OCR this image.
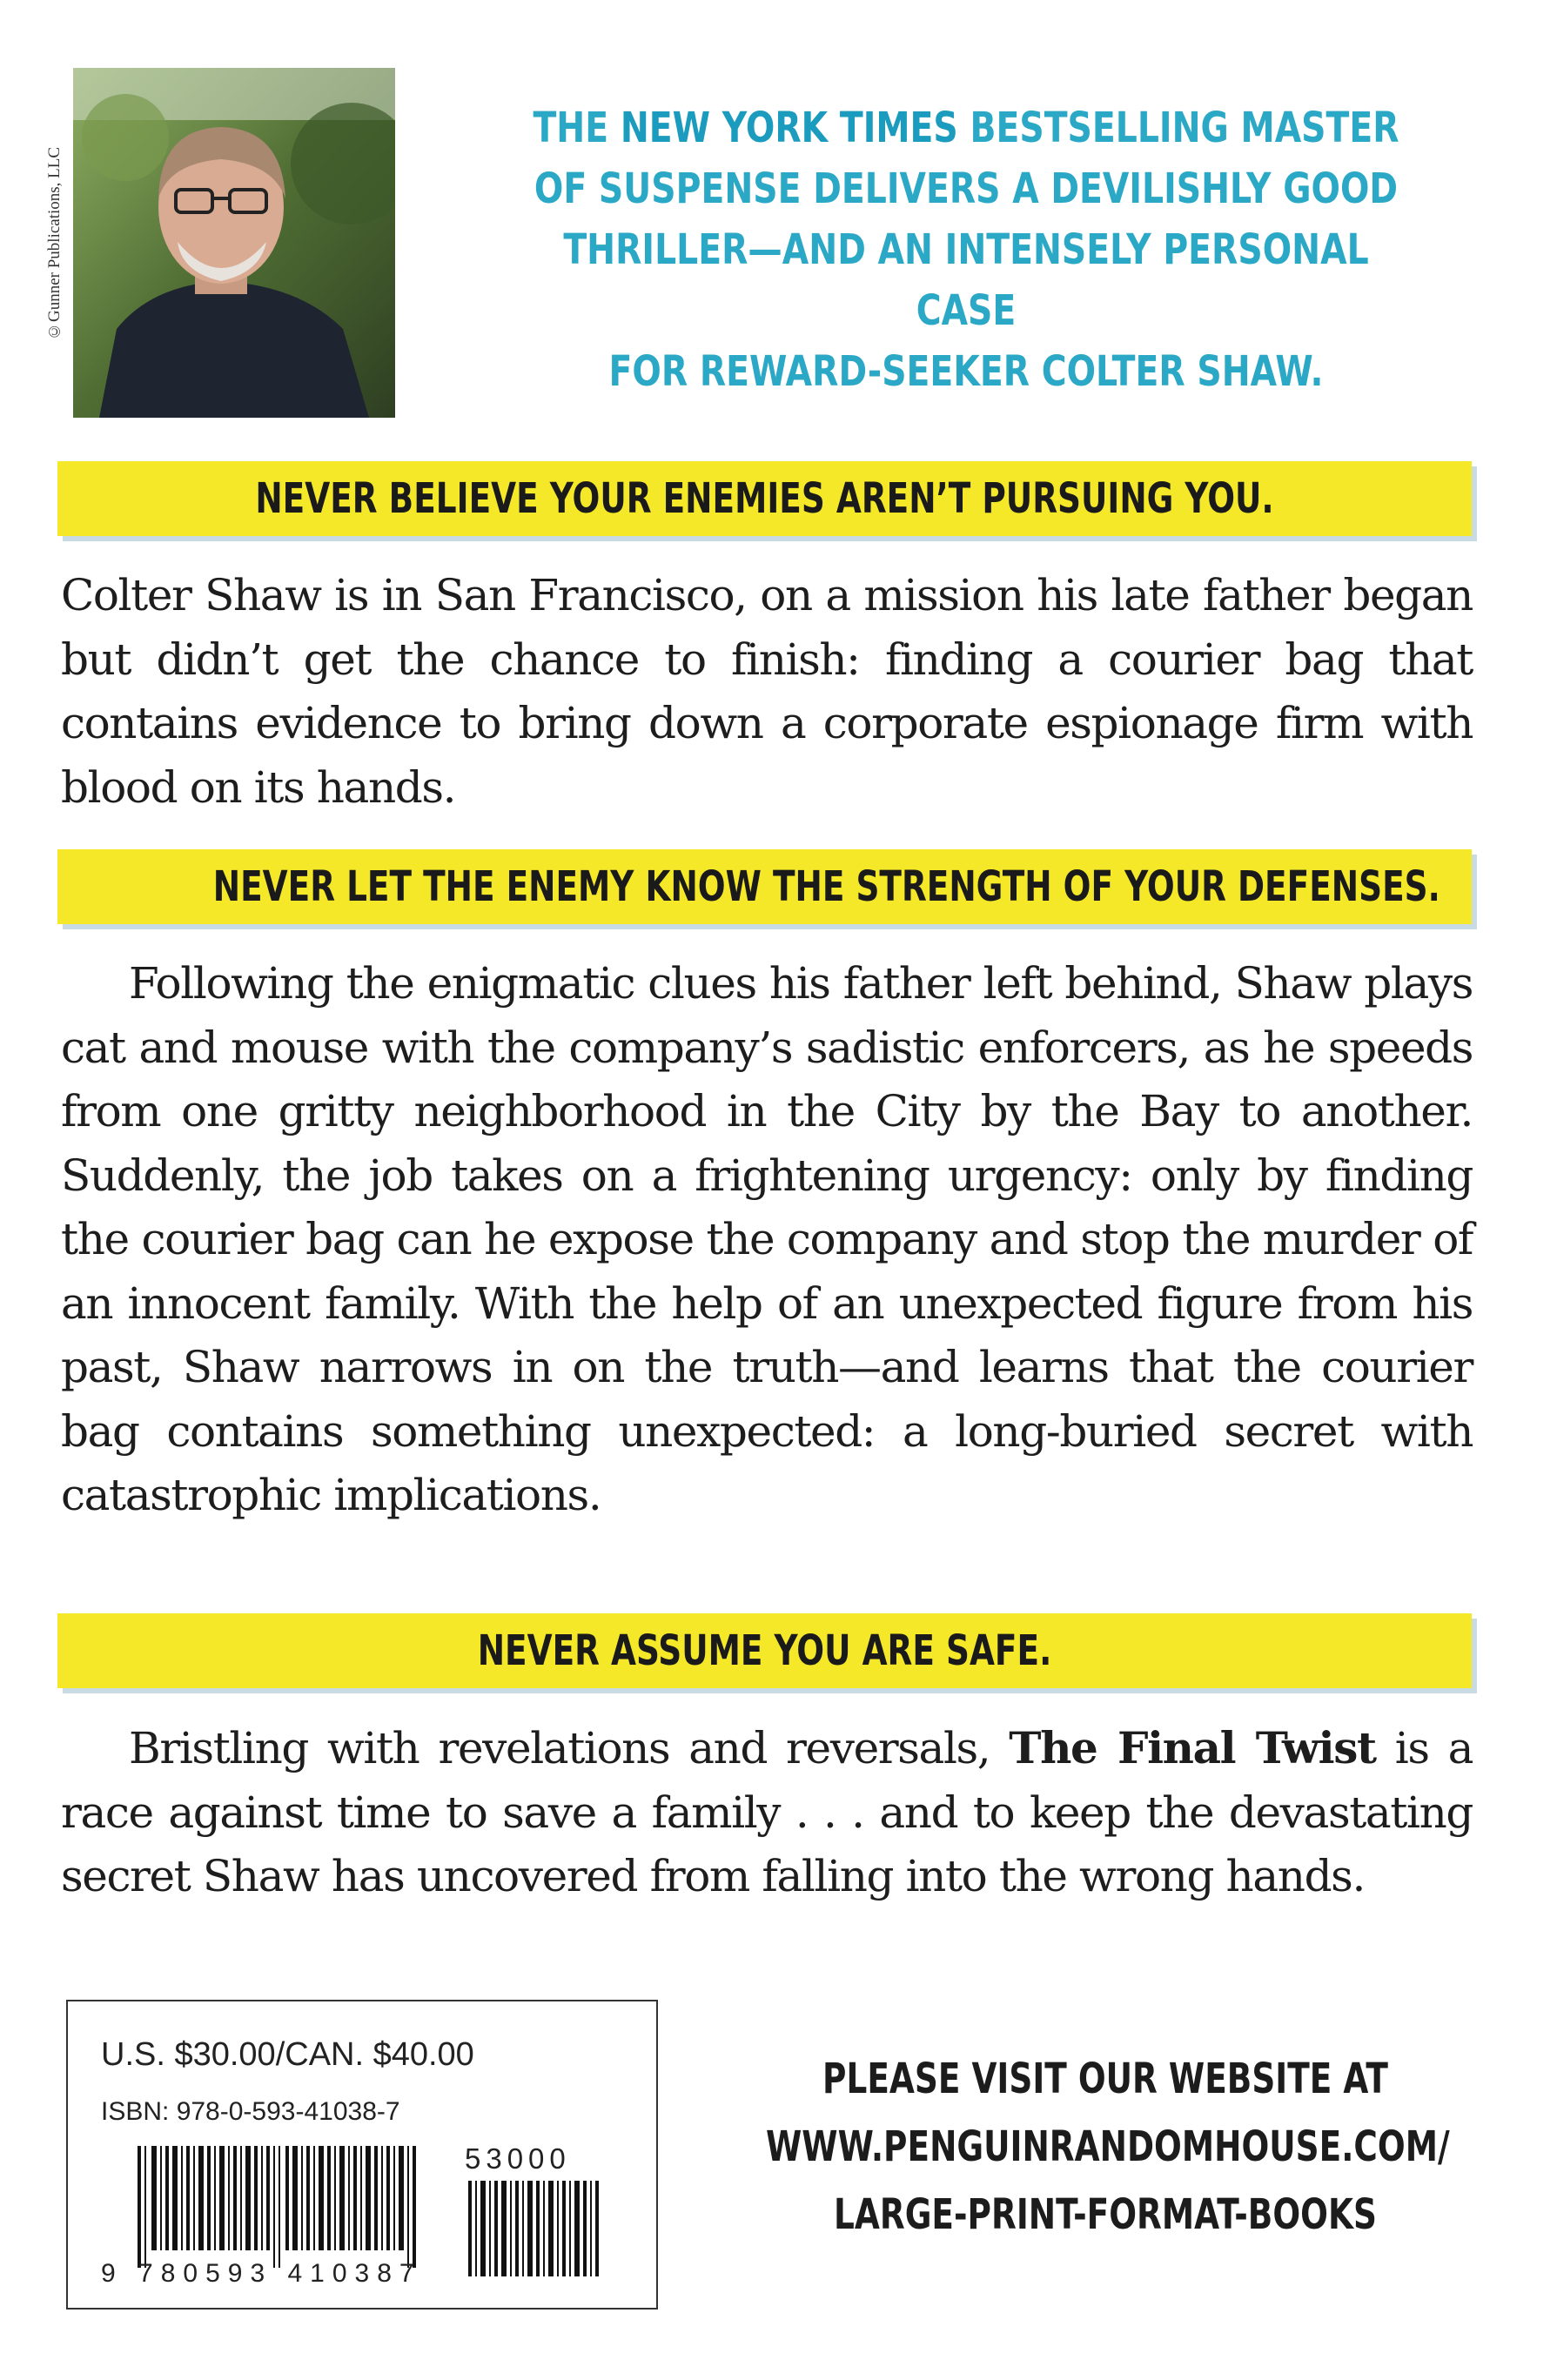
©Gunner Publications, LLC
THE NEW YORK TIMES BESTSELLING MASTER
OF SUSPENSE DELIVERS A DEVILISHLY GOOD
THRILLER—AND AN INTENSELY PERSONAL CASE
FOR REWARD-SEEKER COLTER SHAW.
NEVER BELIEVE YOUR ENEMIES AREN’T PURSUING YOU.
Colter Shaw is in San Francisco, on a mission his late father began but didn’t get the chance to finish: finding a courier bag that contains evidence to bring down a corporate espionage firm with blood on its hands.
NEVER LET THE ENEMY KNOW THE STRENGTH OF YOUR DEFENSES.
Following the enigmatic clues his father left behind, Shaw plays cat and mouse with the company’s sadistic enforcers, as he speeds from one gritty neighborhood in the City by the Bay to another. Suddenly, the job takes on a frightening urgency: only by finding the courier bag can he expose the company and stop the murder of an innocent family. With the help of an unexpected figure from his past, Shaw narrows in on the truth—and learns that the courier bag contains something unexpected: a long-buried secret with catastrophic implications.
NEVER ASSUME YOU ARE SAFE.
Bristling with revelations and reversals, The Final Twist is a race against time to save a family . . . and to keep the devastating secret Shaw has uncovered from falling into the wrong hands.
U.S. $30.00/CAN. $40.00
ISBN: 978-0-593-41038-7
53000
9 780593 410387
PLEASE VISIT OUR WEBSITE AT
WWW.PENGUINRANDOMHOUSE.COM/
LARGE-PRINT-FORMAT-BOOKS
